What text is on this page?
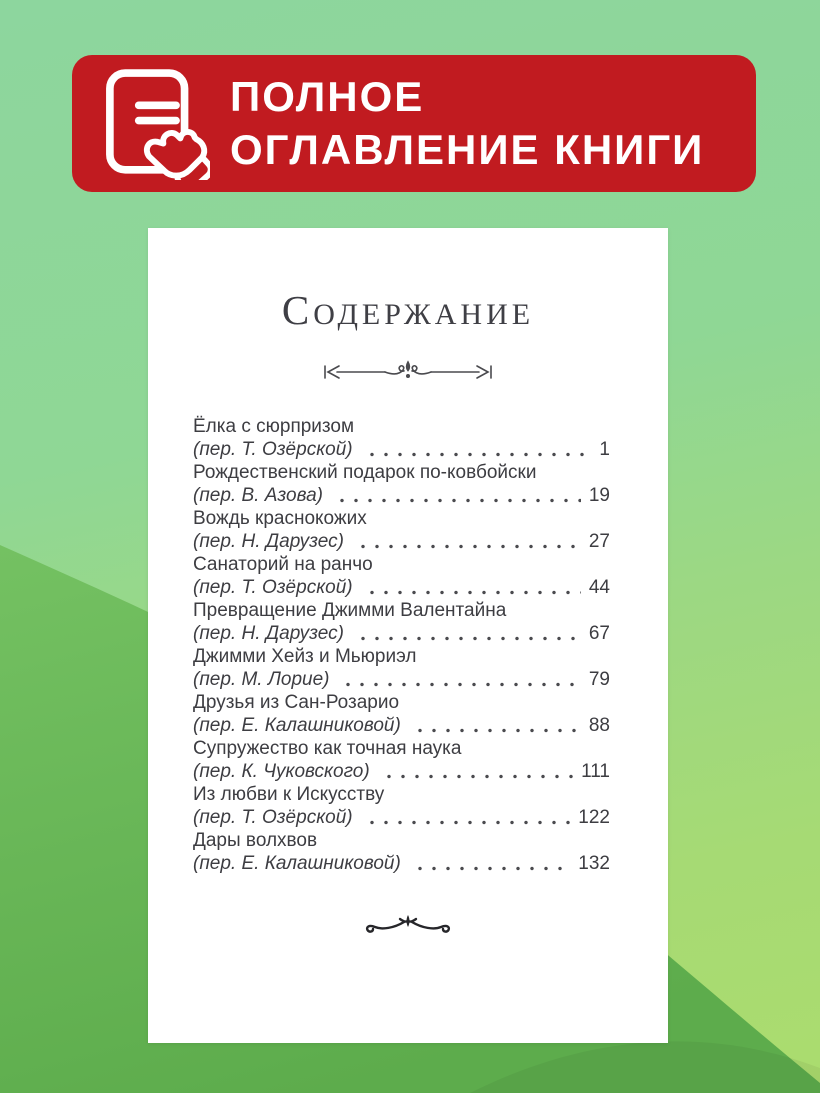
ПОЛНОЕ
ОГЛАВЛЕНИЕ КНИГИ
СОДЕРЖАНИЕ
Ёлка с сюрпризом
(пер. Т. Озёрской)	1
Рождественский подарок по-ковбойски
(пер. В. Азова)	19
Вождь краснокожих
(пер. Н. Дарузес)	27
Санаторий на ранчо
(пер. Т. Озёрской)	44
Превращение Джимми Валентайна
(пер. Н. Дарузес)	67
Джимми Хейз и Мьюриэл
(пер. М. Лорие)	79
Друзья из Сан-Розарио
(пер. Е. Калашниковой)	88
Супружество как точная наука
(пер. К. Чуковского)	111
Из любви к Искусству
(пер. Т. Озёрской)	122
Дары волхвов
(пер. Е. Калашниковой)	132
